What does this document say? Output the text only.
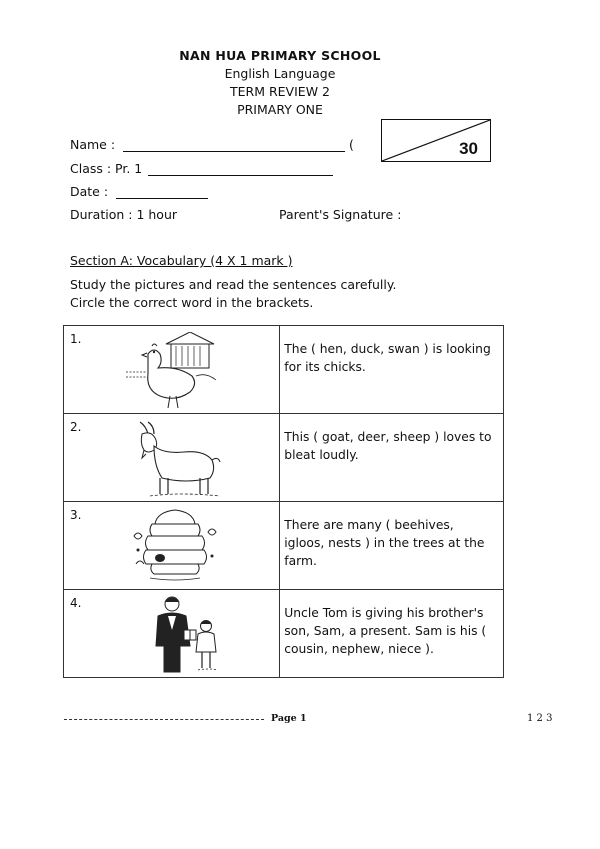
NAN HUA PRIMARY SCHOOL
English Language
TERM REVIEW 2
PRIMARY ONE
30
Name :	(
Class : Pr. 1
Date :
Duration : 1 hour	Parent's Signature :
Section A: Vocabulary (4 X 1 mark )
Study the pictures and read the sentences carefully.
Circle the correct word in the brackets.
1.	The ( hen, duck, swan ) is looking for its chicks.

2.	This ( goat, deer, sheep ) loves to bleat loudly.

3.	There are many ( beehives, igloos, nests ) in the trees at the farm.

4.	Uncle Tom is giving his brother's son, Sam, a present. Sam is his ( cousin, nephew, niece ).
Page 1	1 2 3
